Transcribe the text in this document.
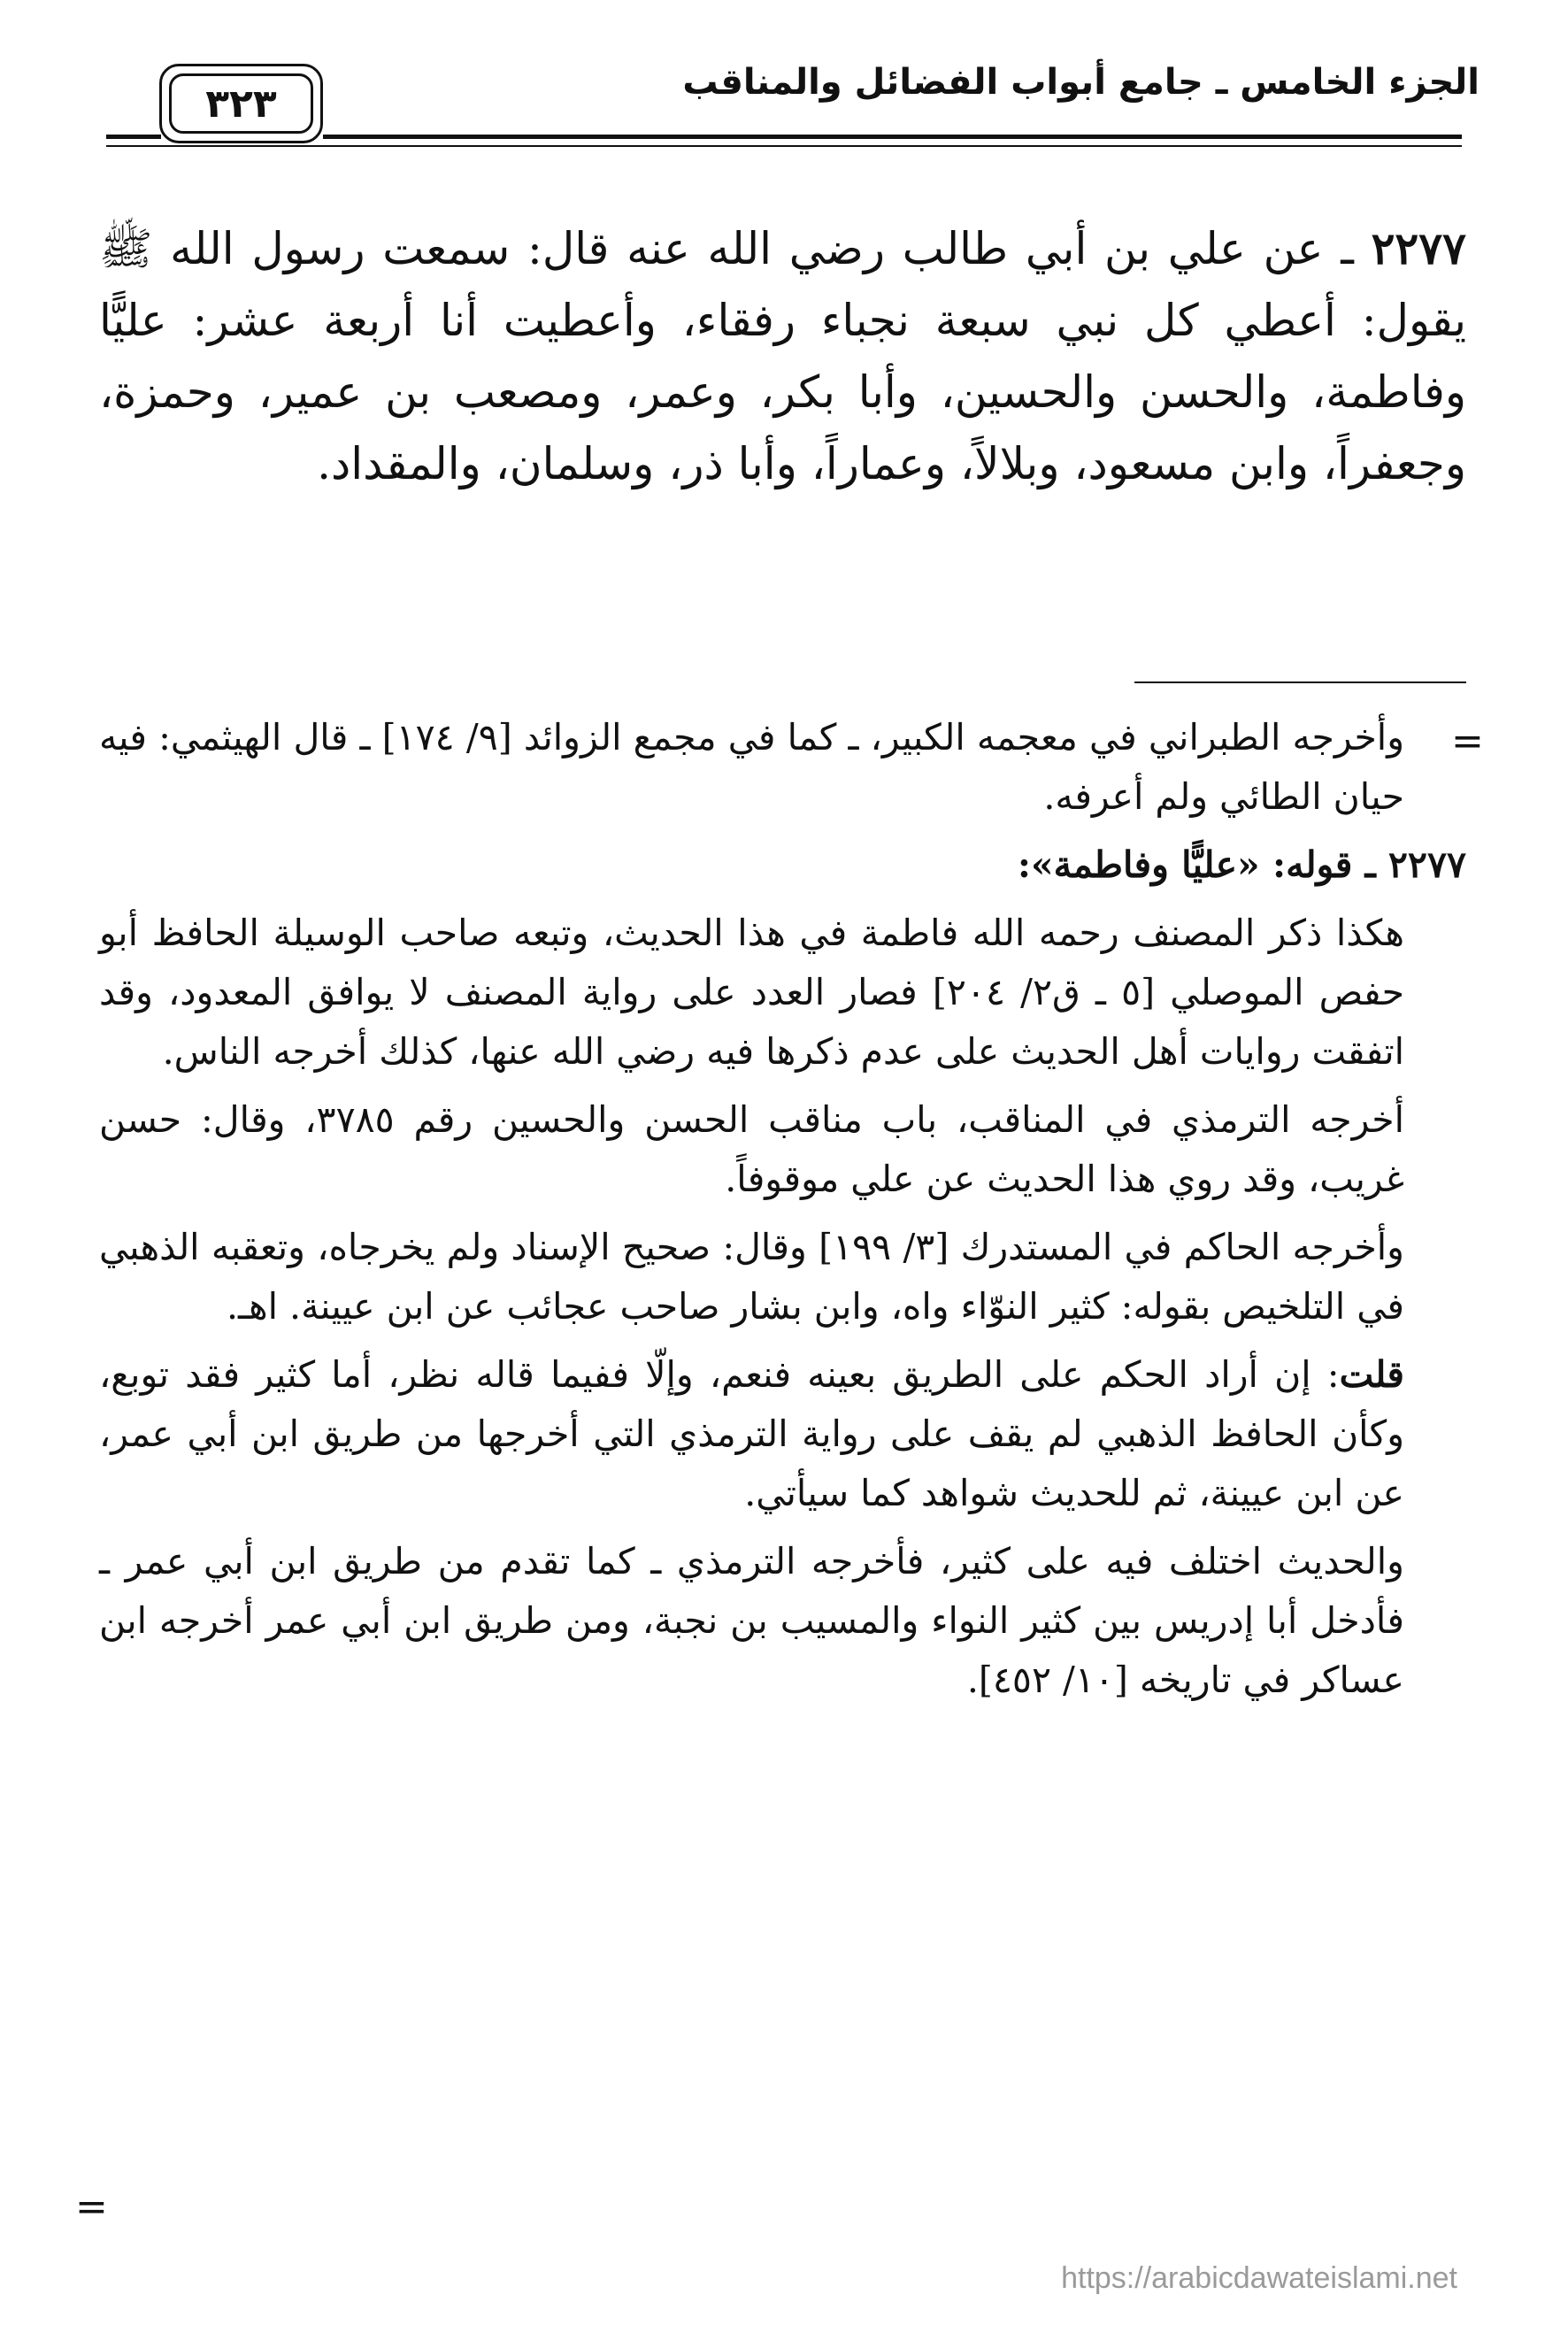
الجزء الخامس ـ جامع أبواب الفضائل والمناقب
٣٢٣

٢٢٧٧ ـ عن علي بن أبي طالب رضي الله عنه قال: سمعت رسول الله ﷺ يقول: أعطي كل نبي سبعة نجباء رفقاء، وأعطيت أنا أربعة عشر: عليًّا وفاطمة، والحسن والحسين، وأبا بكر، وعمر، ومصعب بن عمير، وحمزة، وجعفراً، وابن مسعود، وبلالاً، وعماراً، وأبا ذر، وسلمان، والمقداد.

=

وأخرجه الطبراني في معجمه الكبير، ـ كما في مجمع الزوائد [٩/ ١٧٤] ـ قال الهيثمي: فيه حيان الطائي ولم أعرفه.

٢٢٧٧ ـ قوله: «عليًّا وفاطمة»:

هكذا ذكر المصنف رحمه الله فاطمة في هذا الحديث، وتبعه صاحب الوسيلة الحافظ أبو حفص الموصلي [٥ ـ ق٢/ ٢٠٤] فصار العدد على رواية المصنف لا يوافق المعدود، وقد اتفقت روايات أهل الحديث على عدم ذكرها فيه رضي الله عنها، كذلك أخرجه الناس.

أخرجه الترمذي في المناقب، باب مناقب الحسن والحسين رقم ٣٧٨٥، وقال: حسن غريب، وقد روي هذا الحديث عن علي موقوفاً.

وأخرجه الحاكم في المستدرك [٣/ ١٩٩] وقال: صحيح الإسناد ولم يخرجاه، وتعقبه الذهبي في التلخيص بقوله: كثير النوّاء واه، وابن بشار صاحب عجائب عن ابن عيينة. اهـ.

قلت: إن أراد الحكم على الطريق بعينه فنعم، وإلّا ففيما قاله نظر، أما كثير فقد توبع، وكأن الحافظ الذهبي لم يقف على رواية الترمذي التي أخرجها من طريق ابن أبي عمر، عن ابن عيينة، ثم للحديث شواهد كما سيأتي.

والحديث اختلف فيه على كثير، فأخرجه الترمذي ـ كما تقدم من طريق ابن أبي عمر ـ فأدخل أبا إدريس بين كثير النواء والمسيب بن نجبة، ومن طريق ابن أبي عمر أخرجه ابن عساكر في تاريخه [١٠/ ٤٥٢].

=
https://arabicdawateislami.net
